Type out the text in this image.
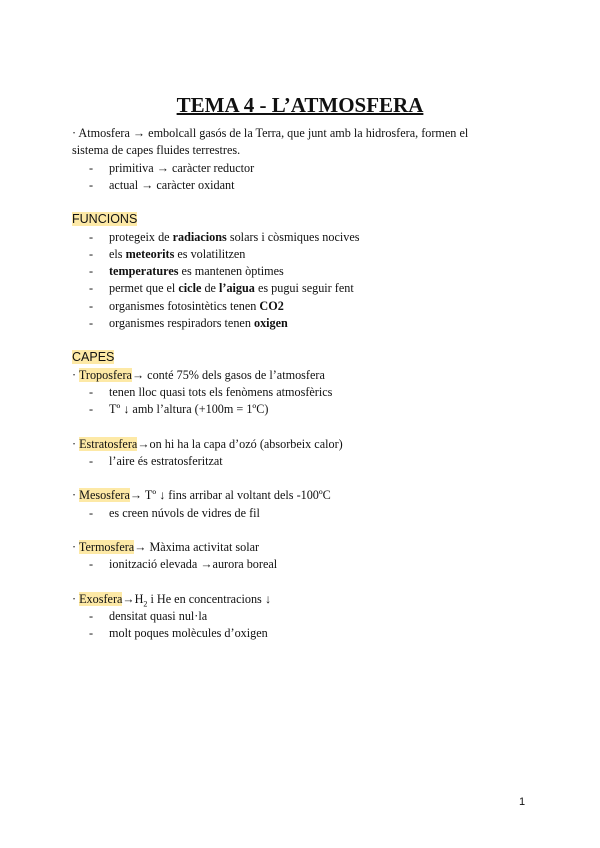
TEMA 4 - L’ATMOSFERA
· Atmosfera → embolcall gasós de la Terra, que junt amb la hidrosfera, formen el
sistema de capes fluides terrestres.
- primitiva → caràcter reductor
- actual → caràcter oxidant
FUNCIONS
- protegeix de radiacions solars i còsmiques nocives
- els meteorits es volatilitzen
- temperatures es mantenen òptimes
- permet que el cicle de l’aigua es pugui seguir fent
- organismes fotosintètics tenen CO2
- organismes respiradors tenen oxigen
CAPES
· Troposfera→ conté 75% dels gasos de l’atmosfera
- tenen lloc quasi tots els fenòmens atmosfèrics
- Tº ↓ amb l’altura (+100m = 1ºC)
· Estratosfera→on hi ha la capa d’ozó (absorbeix calor)
- l’aire és estratosferitzat
· Mesosfera→ Tº ↓ fins arribar al voltant dels -100ºC
- es creen núvols de vidres de fil
· Termosfera→ Màxima activitat solar
- ionització elevada →aurora boreal
· $Exosfera\to H_2$ i He en concentracions ↓
- densitat quasi nul·la
- molt poques molècules d’oxigen
1
